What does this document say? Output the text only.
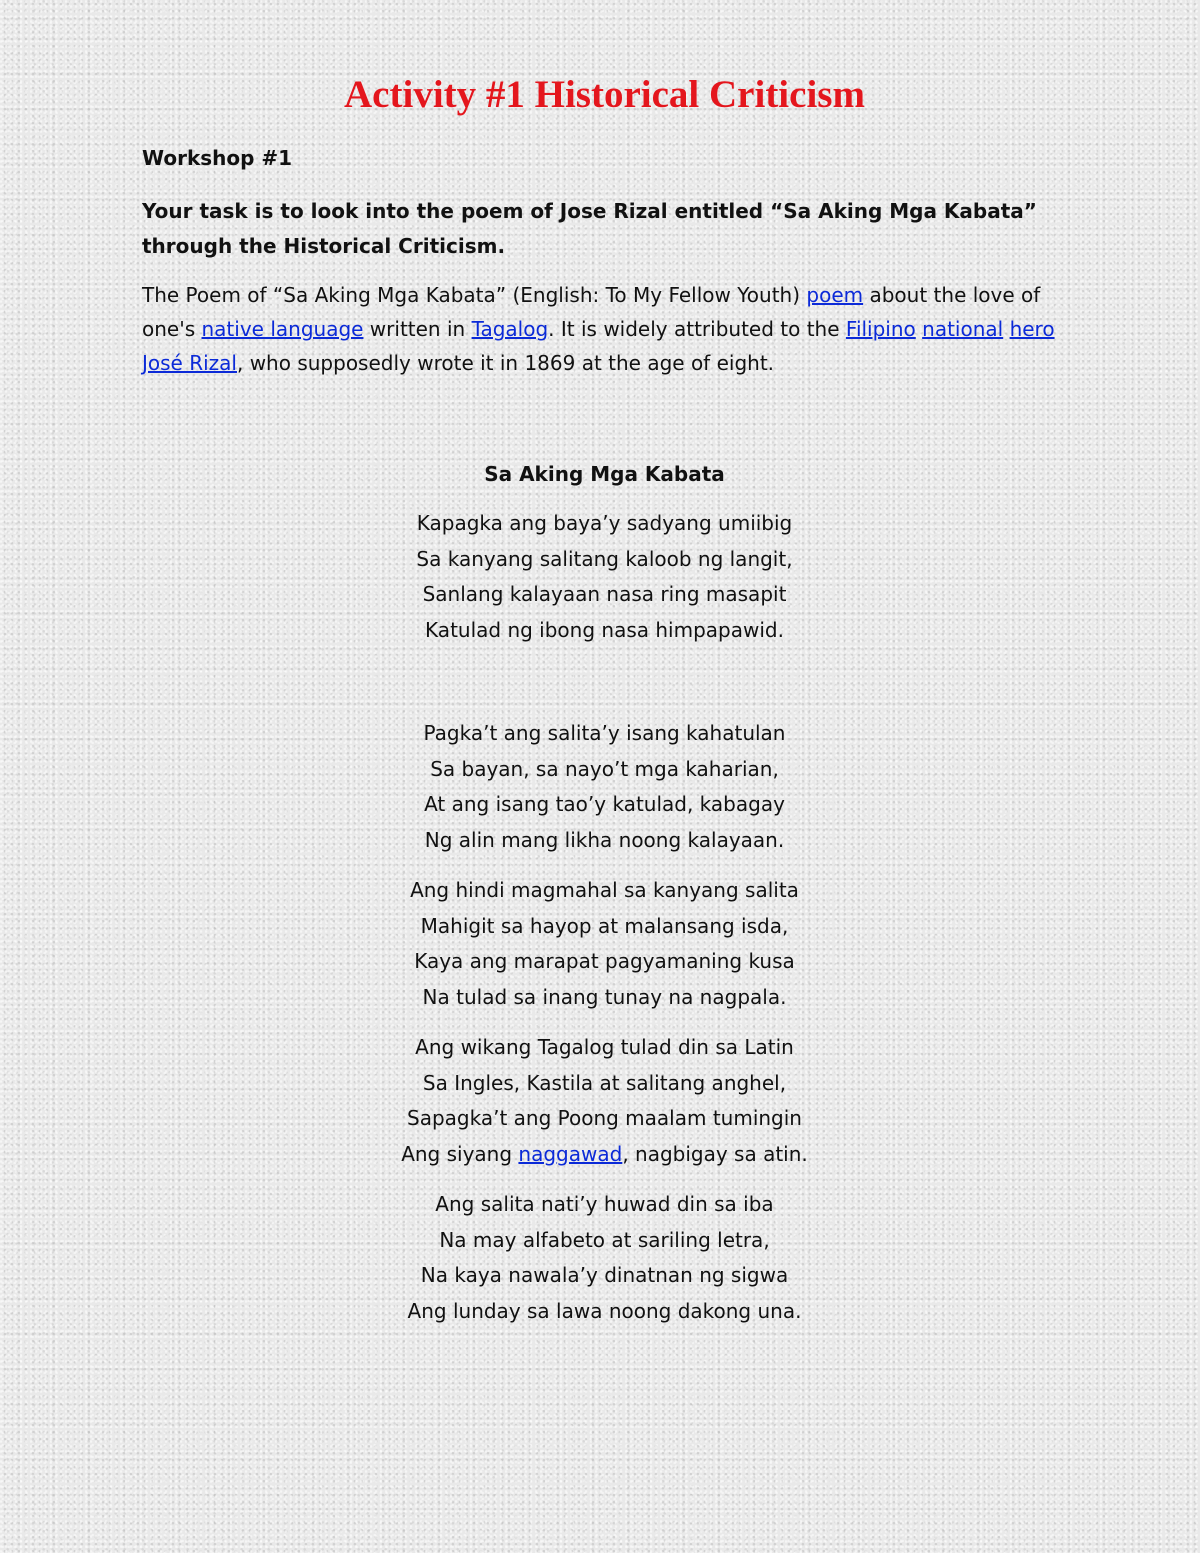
Activity #1 Historical Criticism
Workshop #1
Your task is to look into the poem of Jose Rizal entitled “Sa Aking Mga Kabata” through the Historical Criticism.

The Poem of “Sa Aking Mga Kabata” (English: To My Fellow Youth) poem about the love of one's native language written in Tagalog. It is widely attributed to the Filipino national hero José Rizal, who supposedly wrote it in 1869 at the age of eight.

Sa Aking Mga Kabata
Kapagka ang baya’y sadyang umiibig
Sa kanyang salitang kaloob ng langit,
Sanlang kalayaan nasa ring masapit
Katulad ng ibong nasa himpapawid.
Pagka’t ang salita’y isang kahatulan
Sa bayan, sa nayo’t mga kaharian,
At ang isang tao’y katulad, kabagay
Ng alin mang likha noong kalayaan.
Ang hindi magmahal sa kanyang salita
Mahigit sa hayop at malansang isda,
Kaya ang marapat pagyamaning kusa
Na tulad sa inang tunay na nagpala.
Ang wikang Tagalog tulad din sa Latin
Sa Ingles, Kastila at salitang anghel,
Sapagka’t ang Poong maalam tumingin
Ang siyang naggawad, nagbigay sa atin.
Ang salita nati’y huwad din sa iba
Na may alfabeto at sariling letra,
Na kaya nawala’y dinatnan ng sigwa
Ang lunday sa lawa noong dakong una.
